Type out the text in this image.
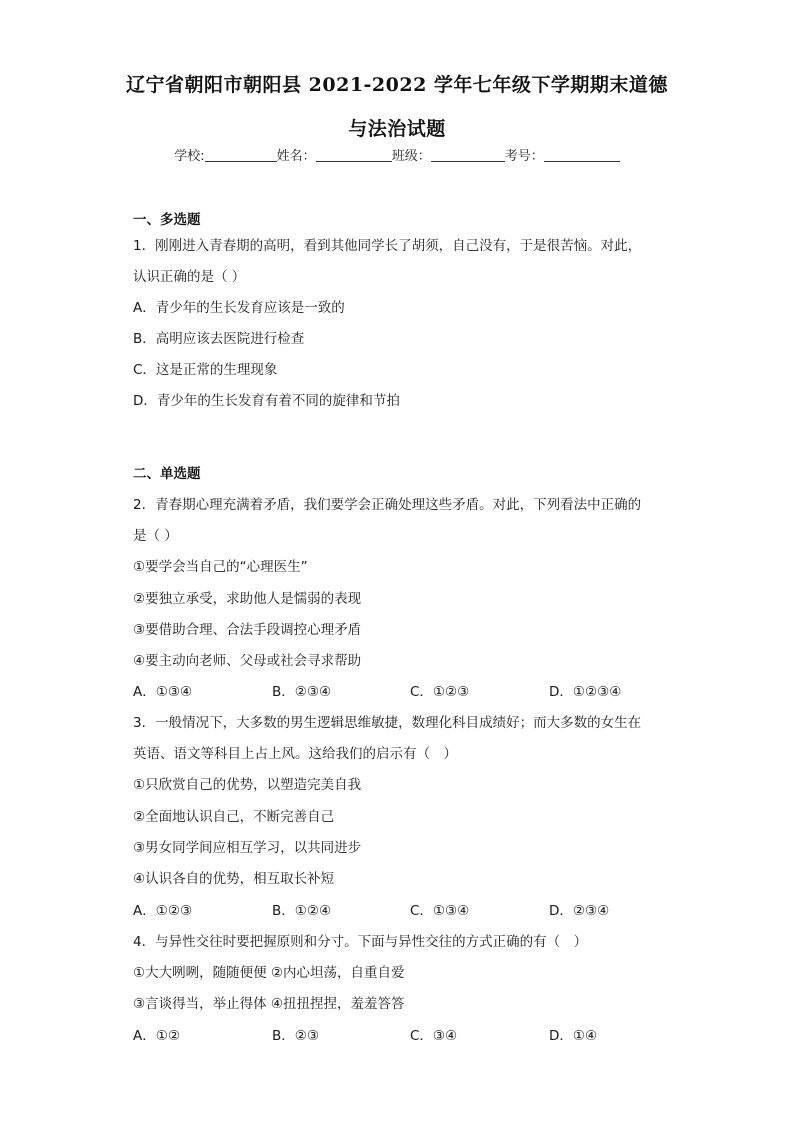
辽宁省朝阳市朝阳县 2021-2022 学年七年级下学期期末道德
与法治试题
学校:	姓名：	班级：	考号：
一、多选题
1．刚刚进入青春期的高明，看到其他同学长了胡须，自己没有，于是很苦恼。对此，
认识正确的是（ ）
A．青少年的生长发育应该是一致的
B．高明应该去医院进行检查
C．这是正常的生理现象
D．青少年的生长发育有着不同的旋律和节拍
二、单选题
2．青春期心理充满着矛盾，我们要学会正确处理这些矛盾。对此，下列看法中正确的
是（ ）
①要学会当自己的“心理医生”
②要独立承受，求助他人是懦弱的表现
③要借助合理、合法手段调控心理矛盾
④要主动向老师、父母或社会寻求帮助
A．①③④	B．②③④	C．①②③	D．①②③④
3．一般情况下，大多数的男生逻辑思维敏捷，数理化科目成绩好；而大多数的女生在
英语、语文等科目上占上风。这给我们的启示有（　）
①只欣赏自己的优势，以塑造完美自我
②全面地认识自己，不断完善自己
③男女同学间应相互学习，以共同进步
④认识各自的优势，相互取长补短
A．①②③	B．①②④	C．①③④	D．②③④
4．与异性交往时要把握原则和分寸。下面与异性交往的方式正确的有（　）
①大大咧咧，随随便便 ②内心坦荡，自重自爱
③言谈得当，举止得体 ④扭扭捏捏，羞羞答答
A．①②	B．②③	C．③④	D．①④
